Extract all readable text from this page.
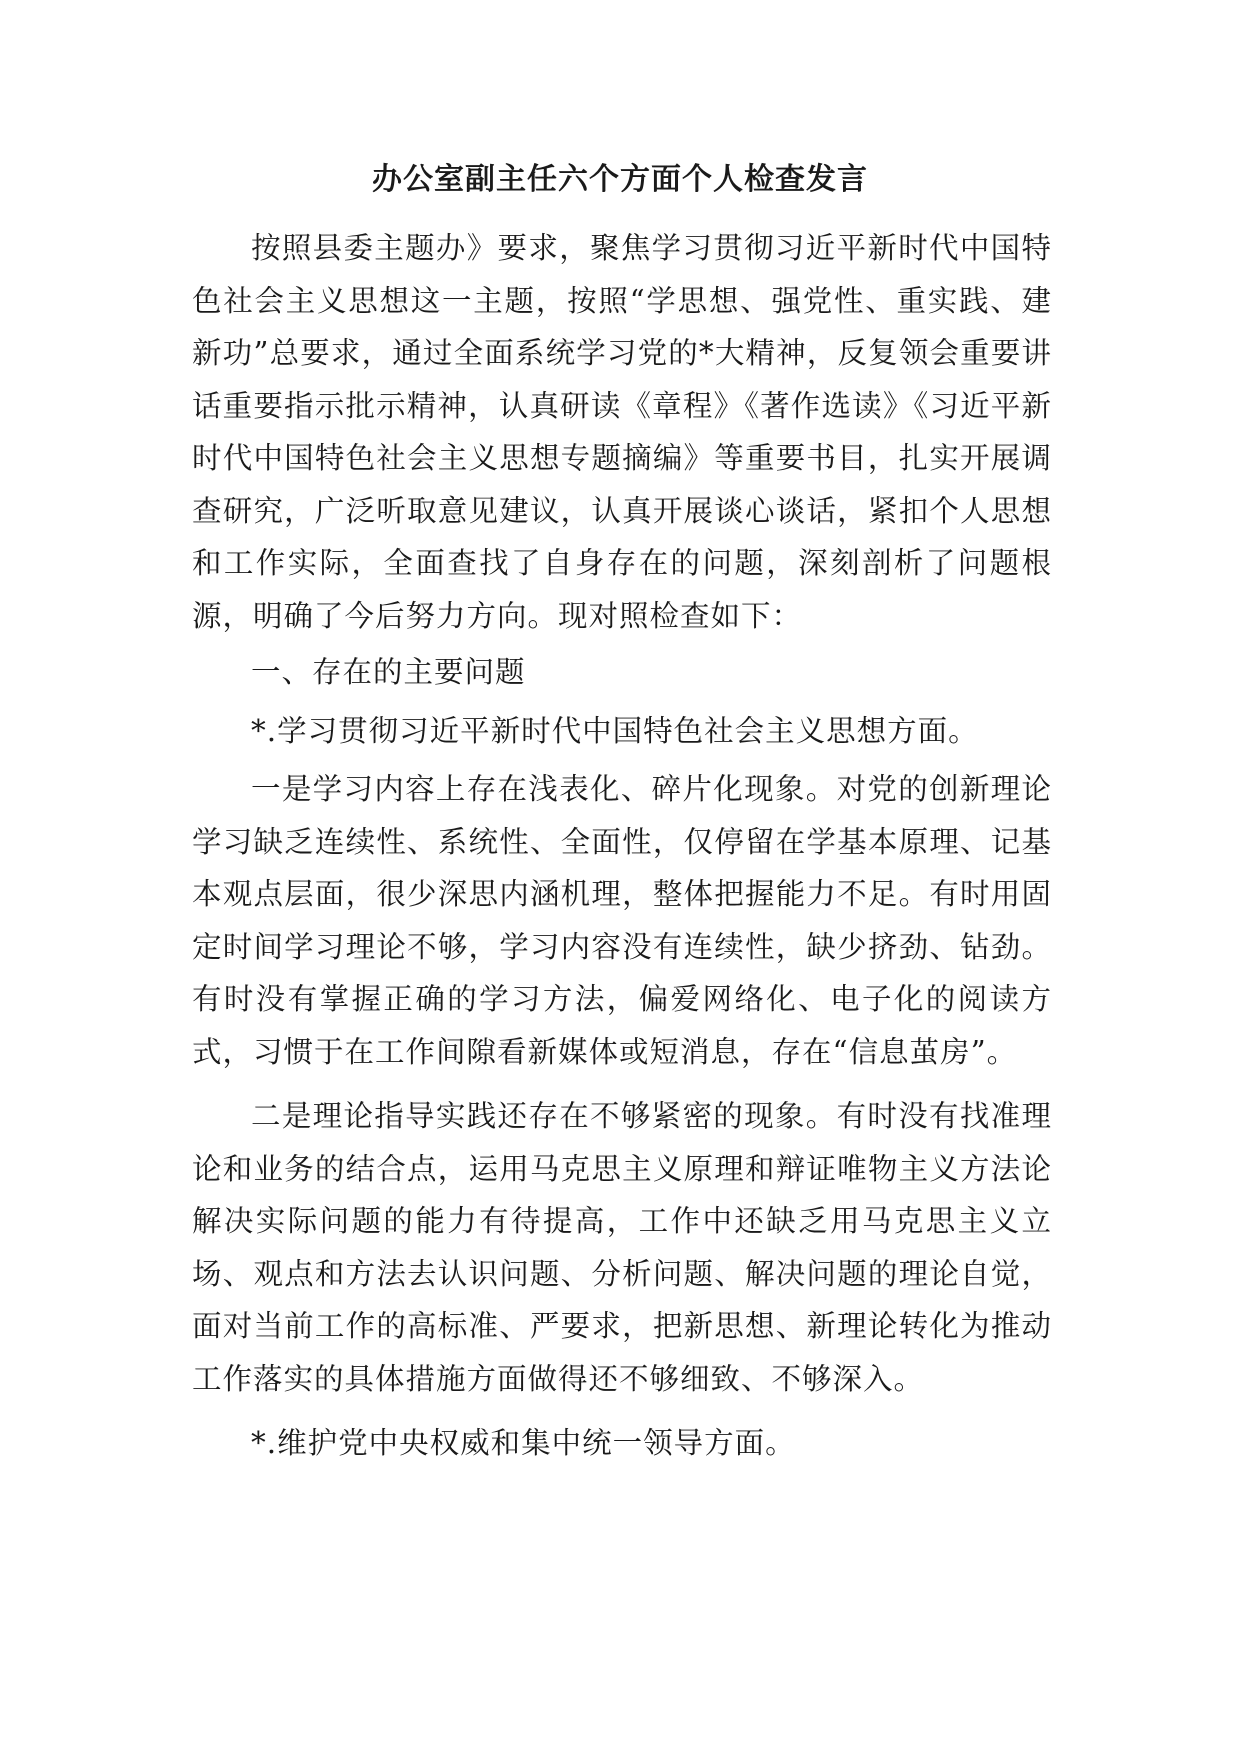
办公室副主任六个方面个人检查发言

按照县委主题办》要求，聚焦学习贯彻习近平新时代中国特色社会主义思想这一主题，按照“学思想、强党性、重实践、建新功”总要求，通过全面系统学习党的*大精神，反复领会重要讲话重要指示批示精神，认真研读《章程》《著作选读》《习近平新时代中国特色社会主义思想专题摘编》等重要书目，扎实开展调查研究，广泛听取意见建议，认真开展谈心谈话，紧扣个人思想和工作实际，全面查找了自身存在的问题，深刻剖析了问题根源，明确了今后努力方向。现对照检查如下：

一、存在的主要问题

*.学习贯彻习近平新时代中国特色社会主义思想方面。

一是学习内容上存在浅表化、碎片化现象。对党的创新理论学习缺乏连续性、系统性、全面性，仅停留在学基本原理、记基本观点层面，很少深思内涵机理，整体把握能力不足。有时用固定时间学习理论不够，学习内容没有连续性，缺少挤劲、钻劲。有时没有掌握正确的学习方法，偏爱网络化、电子化的阅读方式，习惯于在工作间隙看新媒体或短消息，存在“信息茧房”。

二是理论指导实践还存在不够紧密的现象。有时没有找准理论和业务的结合点，运用马克思主义原理和辩证唯物主义方法论解决实际问题的能力有待提高，工作中还缺乏用马克思主义立场、观点和方法去认识问题、分析问题、解决问题的理论自觉，面对当前工作的高标准、严要求，把新思想、新理论转化为推动工作落实的具体措施方面做得还不够细致、不够深入。

*.维护党中央权威和集中统一领导方面。
